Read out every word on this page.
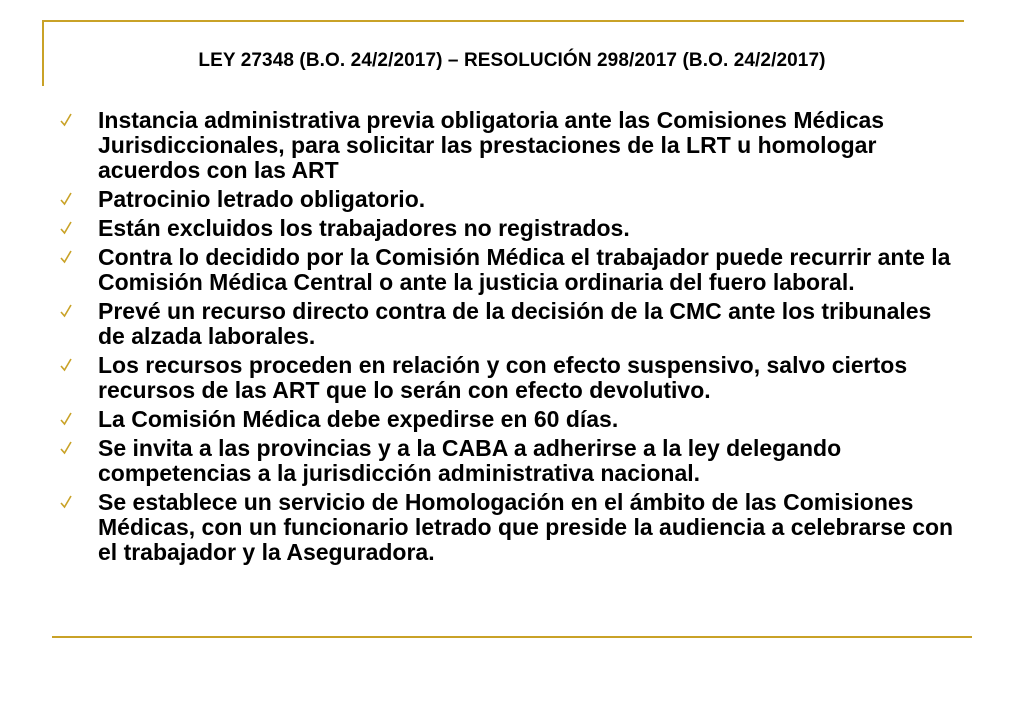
LEY 27348 (B.O. 24/2/2017) – RESOLUCIÓN 298/2017 (B.O. 24/2/2017)
Instancia administrativa previa obligatoria ante las Comisiones Médicas Jurisdiccionales, para solicitar las prestaciones de la LRT u homologar acuerdos con las ART
Patrocinio letrado obligatorio.
Están excluidos los trabajadores no registrados.
Contra lo decidido por la Comisión Médica el trabajador puede recurrir ante la Comisión Médica Central o ante la justicia ordinaria del fuero laboral.
Prevé un recurso directo contra de la decisión de la CMC ante los tribunales de alzada laborales.
Los recursos proceden en relación y con efecto suspensivo, salvo ciertos recursos de las ART que lo serán con efecto devolutivo.
La Comisión Médica debe expedirse en 60 días.
Se invita a las provincias y a la CABA a adherirse a la ley delegando competencias a la jurisdicción administrativa nacional.
Se establece un servicio de Homologación en el ámbito de las Comisiones Médicas, con un funcionario letrado que preside la audiencia a celebrarse con el trabajador y la Aseguradora.
